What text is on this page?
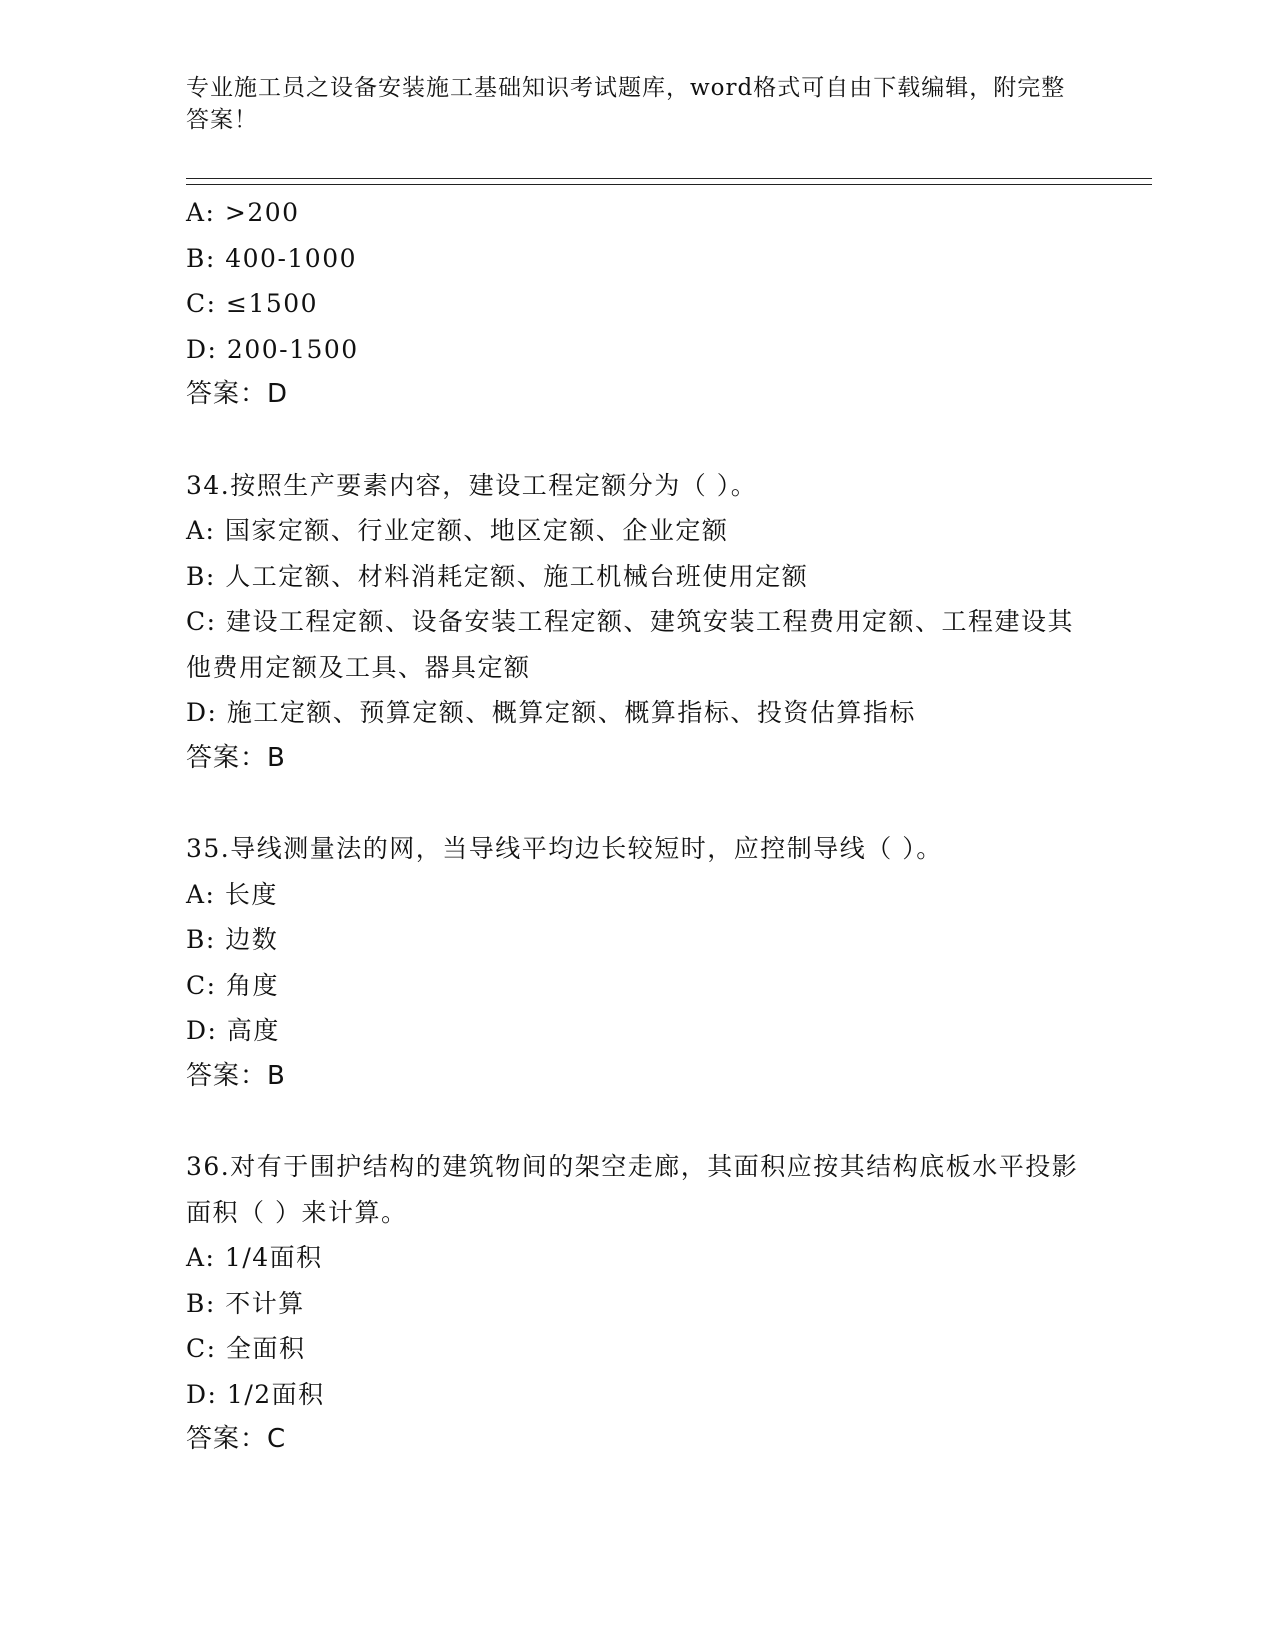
专业施工员之设备安装施工基础知识考试题库，word格式可自由下载编辑，附完整答案！
A: >200
B: 400-1000
C: ≤1500
D: 200-1500
答案：D
34.按照生产要素内容，建设工程定额分为（ ）。
A: 国家定额、行业定额、地区定额、企业定额
B: 人工定额、材料消耗定额、施工机械台班使用定额
C: 建设工程定额、设备安装工程定额、建筑安装工程费用定额、工程建设其他费用定额及工具、器具定额
D: 施工定额、预算定额、概算定额、概算指标、投资估算指标
答案：B
35.导线测量法的网，当导线平均边长较短时，应控制导线（ ）。
A: 长度
B: 边数
C: 角度
D: 高度
答案：B
36.对有于围护结构的建筑物间的架空走廊，其面积应按其结构底板水平投影面积（ ）来计算。
A: 1/4面积
B: 不计算
C: 全面积
D: 1/2面积
答案：C
